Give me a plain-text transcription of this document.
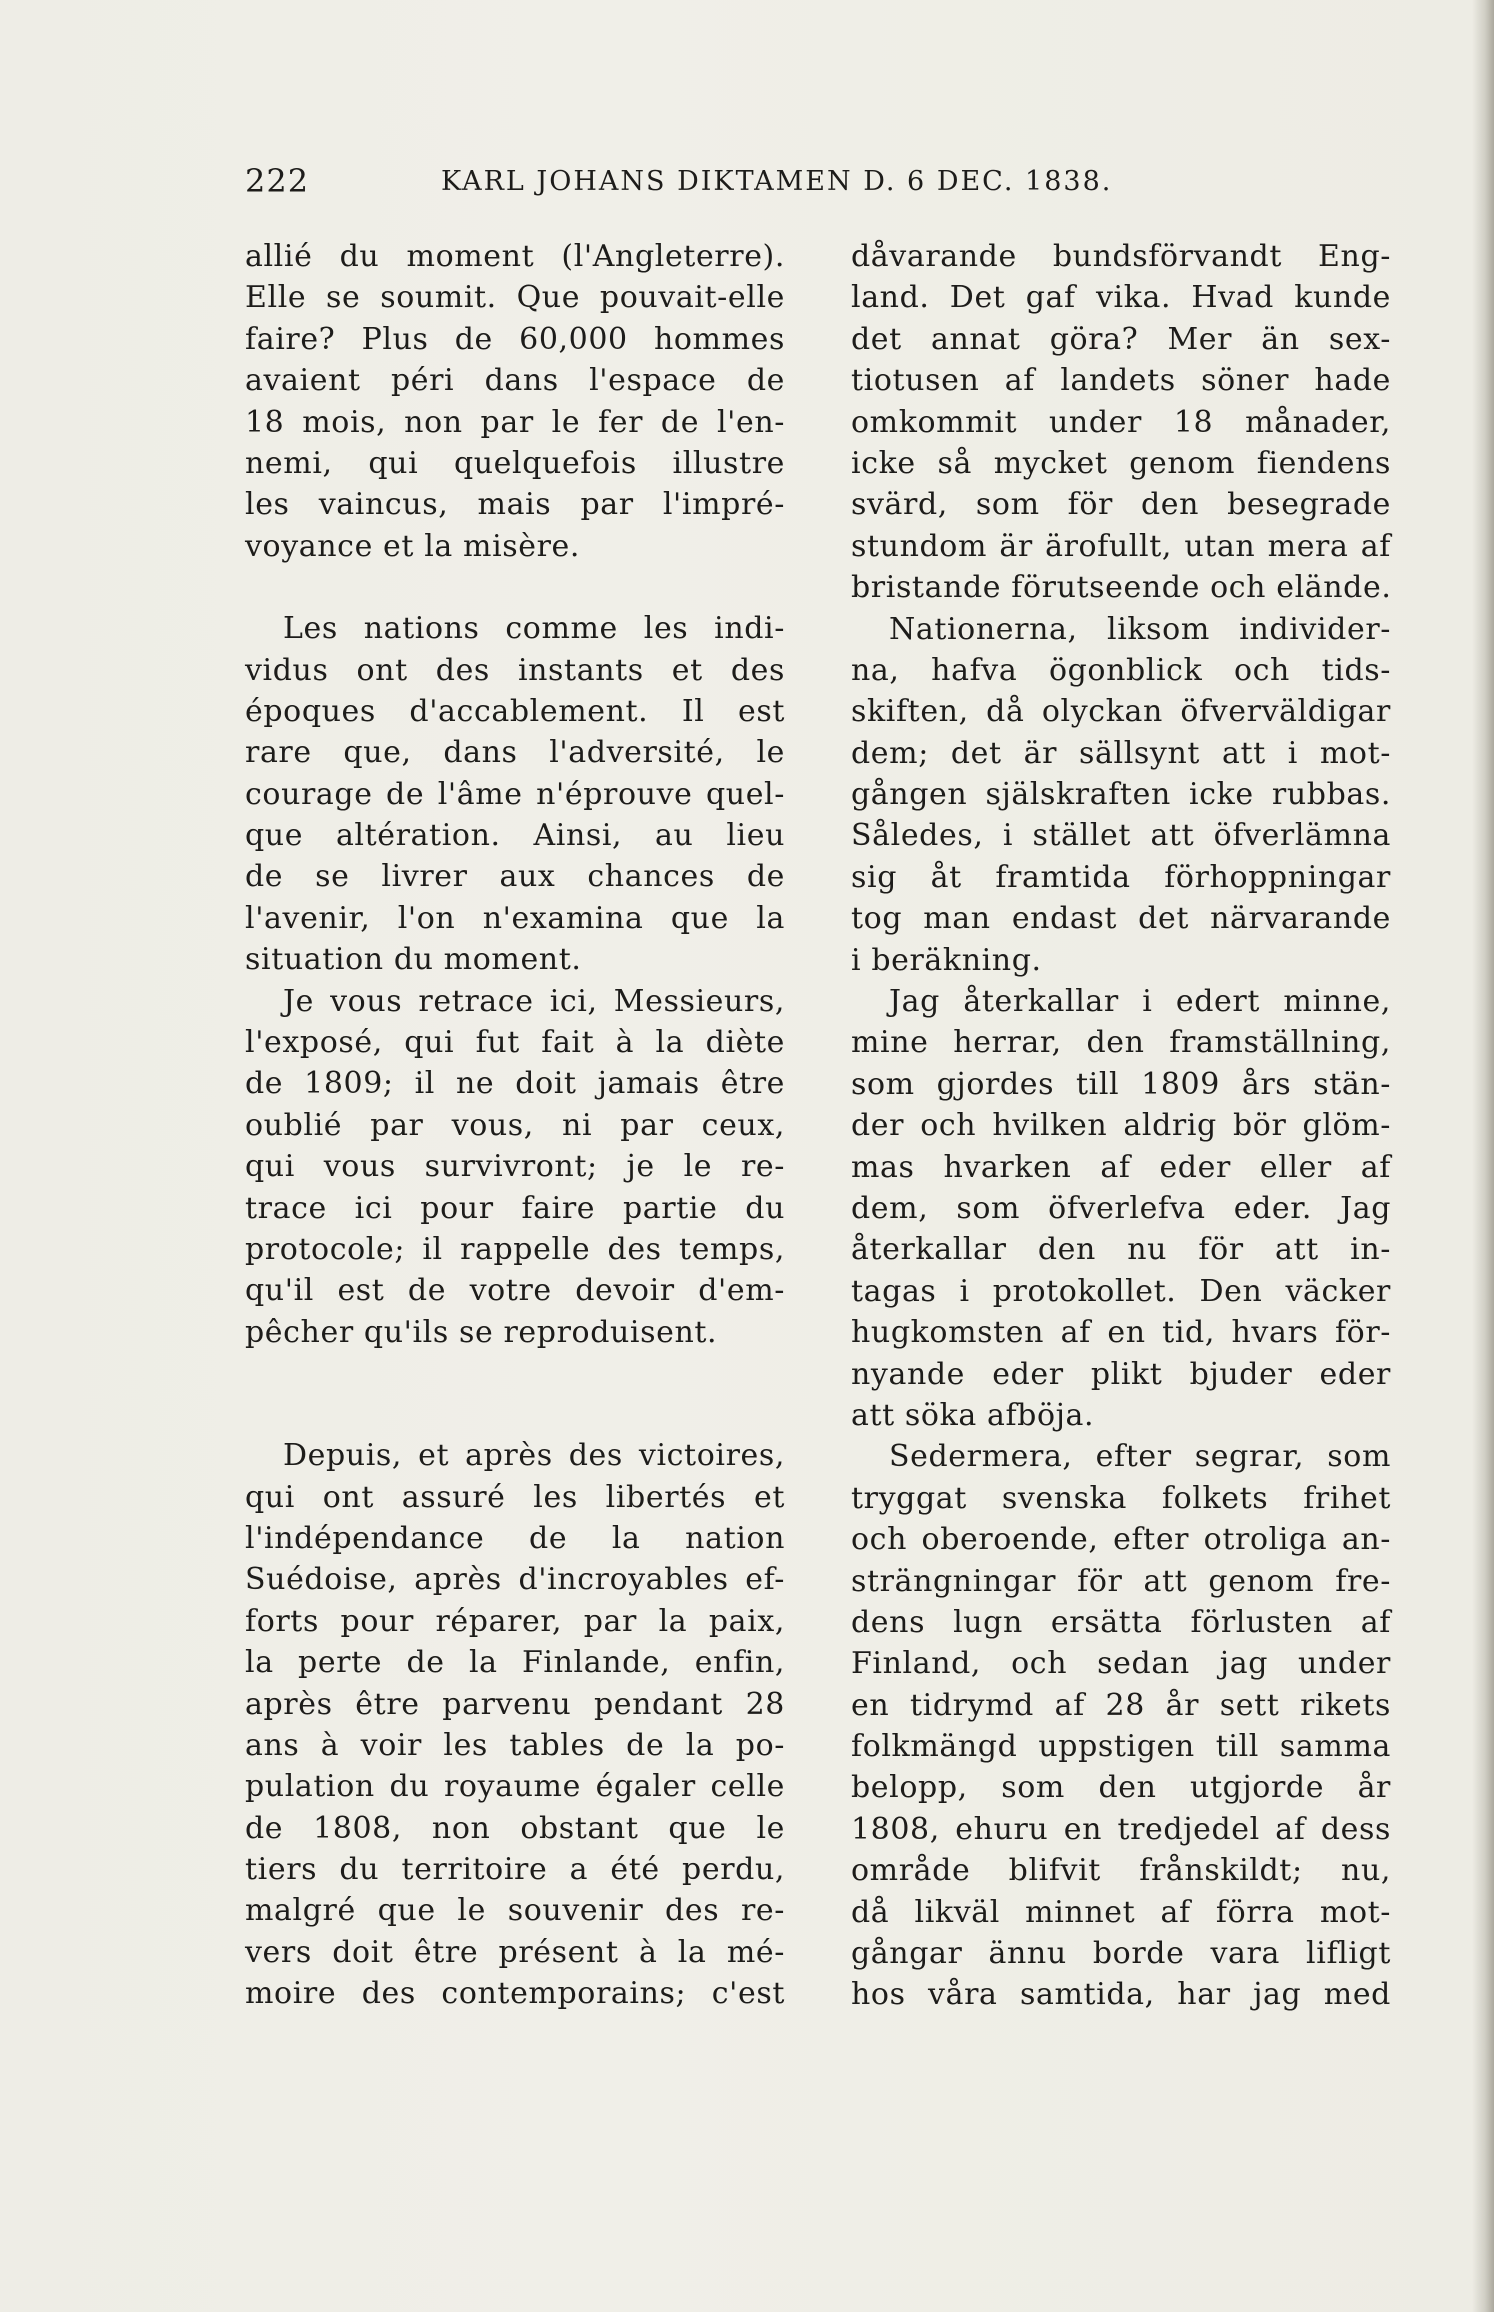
222	KARL JOHANS DIKTAMEN D. 6 DEC. 1838.
allié du moment (l'Angleterre).
Elle se soumit. Que pouvait-elle
faire? Plus de 60,000 hommes
avaient péri dans l'espace de
18 mois, non par le fer de l'en-
nemi, qui quelquefois illustre
les vaincus, mais par l'impré-
voyance et la misère.
Les nations comme les indi-
vidus ont des instants et des
époques d'accablement. Il est
rare que, dans l'adversité, le
courage de l'âme n'éprouve quel-
que altération. Ainsi, au lieu
de se livrer aux chances de
l'avenir, l'on n'examina que la
situation du moment.
Je vous retrace ici, Messieurs,
l'exposé, qui fut fait à la diète
de 1809; il ne doit jamais être
oublié par vous, ni par ceux,
qui vous survivront; je le re-
trace ici pour faire partie du
protocole; il rappelle des temps,
qu'il est de votre devoir d'em-
pêcher qu'ils se reproduisent.
Depuis, et après des victoires,
qui ont assuré les libertés et
l'indépendance de la nation
Suédoise, après d'incroyables ef-
forts pour réparer, par la paix,
la perte de la Finlande, enfin,
après être parvenu pendant 28
ans à voir les tables de la po-
pulation du royaume égaler celle
de 1808, non obstant que le
tiers du territoire a été perdu,
malgré que le souvenir des re-
vers doit être présent à la mé-
moire des contemporains; c'est
dåvarande bundsförvandt Eng-
land. Det gaf vika. Hvad kunde
det annat göra? Mer än sex-
tiotusen af landets söner hade
omkommit under 18 månader,
icke så mycket genom fiendens
svärd, som för den besegrade
stundom är ärofullt, utan mera af
bristande förutseende och elände.
Nationerna, liksom individer-
na, hafva ögonblick och tids-
skiften, då olyckan öfverväldigar
dem; det är sällsynt att i mot-
gången själskraften icke rubbas.
Således, i stället att öfverlämna
sig åt framtida förhoppningar
tog man endast det närvarande
i beräkning.
Jag återkallar i edert minne,
mine herrar, den framställning,
som gjordes till 1809 års stän-
der och hvilken aldrig bör glöm-
mas hvarken af eder eller af
dem, som öfverlefva eder. Jag
återkallar den nu för att in-
tagas i protokollet. Den väcker
hugkomsten af en tid, hvars för-
nyande eder plikt bjuder eder
att söka afböja.
Sedermera, efter segrar, som
tryggat svenska folkets frihet
och oberoende, efter otroliga an-
strängningar för att genom fre-
dens lugn ersätta förlusten af
Finland, och sedan jag under
en tidrymd af 28 år sett rikets
folkmängd uppstigen till samma
belopp, som den utgjorde år
1808, ehuru en tredjedel af dess
område blifvit frånskildt; nu,
då likväl minnet af förra mot-
gångar ännu borde vara lifligt
hos våra samtida, har jag med
